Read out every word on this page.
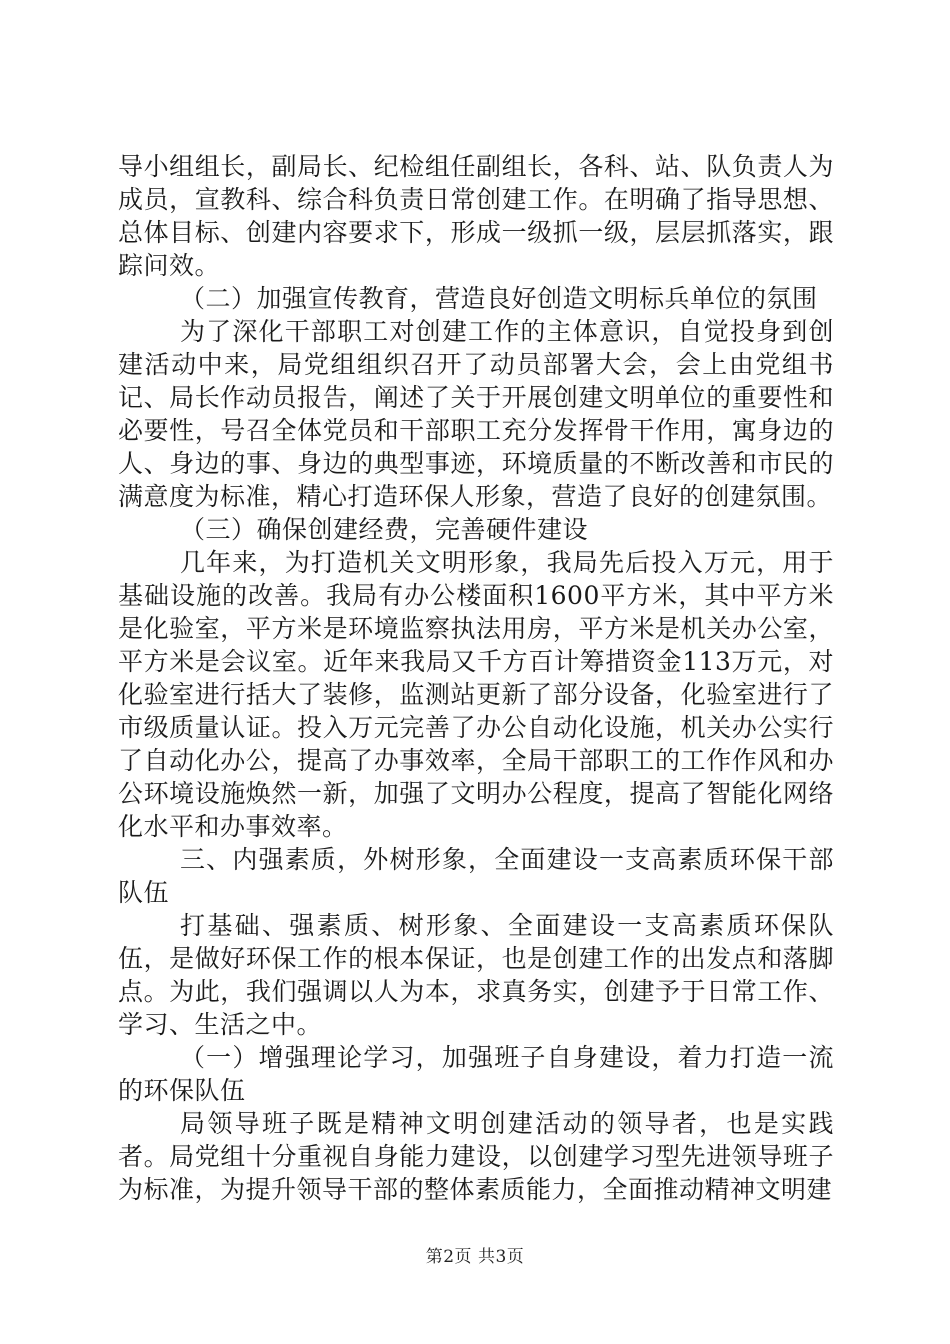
导小组组长，副局长、纪检组任副组长，各科、站、队负责人为成员，宣教科、综合科负责日常创建工作。在明确了指导思想、总体目标、创建内容要求下，形成一级抓一级，层层抓落实，跟踪问效。

（二）加强宣传教育，营造良好创造文明标兵单位的氛围

为了深化干部职工对创建工作的主体意识，自觉投身到创建活动中来，局党组组织召开了动员部署大会，会上由党组书记、局长作动员报告，阐述了关于开展创建文明单位的重要性和必要性，号召全体党员和干部职工充分发挥骨干作用，寓身边的人、身边的事、身边的典型事迹，环境质量的不断改善和市民的满意度为标准，精心打造环保人形象，营造了良好的创建氛围。

（三）确保创建经费，完善硬件建设

几年来，为打造机关文明形象，我局先后投入万元，用于基础设施的改善。我局有办公楼面积1600平方米，其中平方米是化验室，平方米是环境监察执法用房，平方米是机关办公室，平方米是会议室。近年来我局又千方百计筹措资金113万元，对化验室进行括大了装修，监测站更新了部分设备，化验室进行了市级质量认证。投入万元完善了办公自动化设施，机关办公实行了自动化办公，提高了办事效率，全局干部职工的工作作风和办公环境设施焕然一新，加强了文明办公程度，提高了智能化网络化水平和办事效率。

三、内强素质，外树形象，全面建设一支高素质环保干部队伍

打基础、强素质、树形象、全面建设一支高素质环保队伍，是做好环保工作的根本保证，也是创建工作的出发点和落脚点。为此，我们强调以人为本，求真务实，创建予于日常工作、学习、生活之中。

（一）增强理论学习，加强班子自身建设，着力打造一流的环保队伍

局领导班子既是精神文明创建活动的领导者，也是实践者。局党组十分重视自身能力建设，以创建学习型先进领导班子为标准，为提升领导干部的整体素质能力，全面推动精神文明建

第2页 共3页
